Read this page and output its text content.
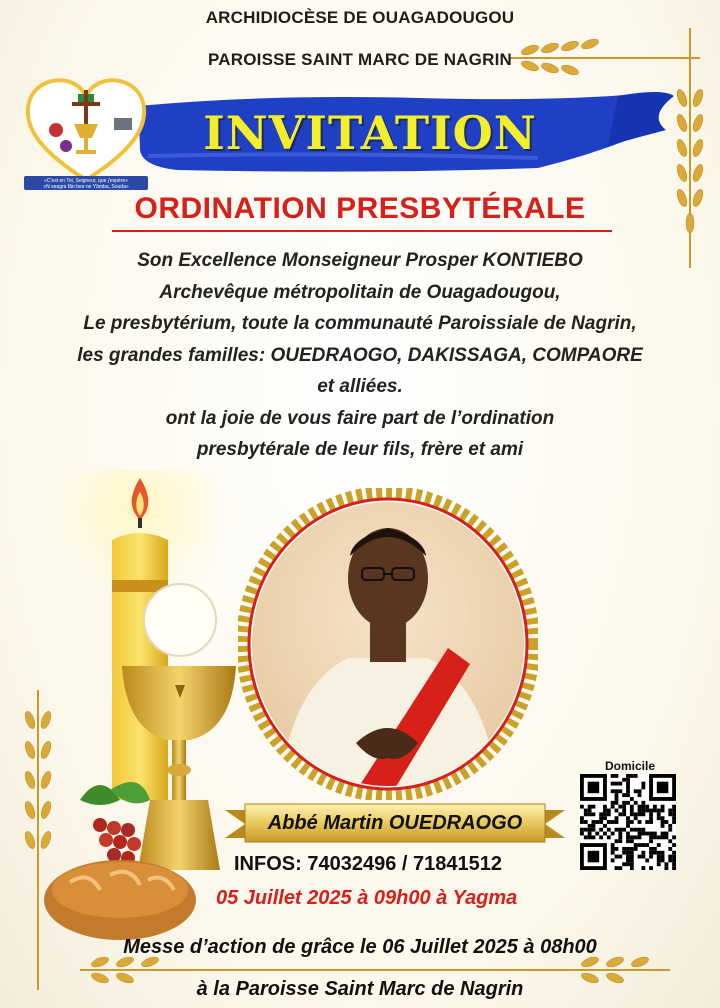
ARCHIDIOCÈSE DE OUAGADOUGOU
PAROISSE SAINT MARC DE NAGRIN
INVITATION
«C'est en Toi, Seigneur, que j'espère»
«N seagra fân bee ne Yâmba, Souda»
ORDINATION PRESBYTÉRALE
Son Excellence Monseigneur Prosper KONTIEBO
Archevêque métropolitain de Ouagadougou,
Le presbytérium, toute la communauté Paroissiale de Nagrin,
les grandes familles: OUEDRAOGO, DAKISSAGA, COMPAORE
et alliées.
ont la joie de vous faire part de l’ordination
presbytérale de leur fils, frère et ami
Abbé Martin OUEDRAOGO
INFOS: 74032496 / 71841512
05 Juillet 2025 à 09h00 à Yagma
Domicile
Messe d’action de grâce le 06 Juillet 2025 à 08h00
à la Paroisse Saint Marc de Nagrin
